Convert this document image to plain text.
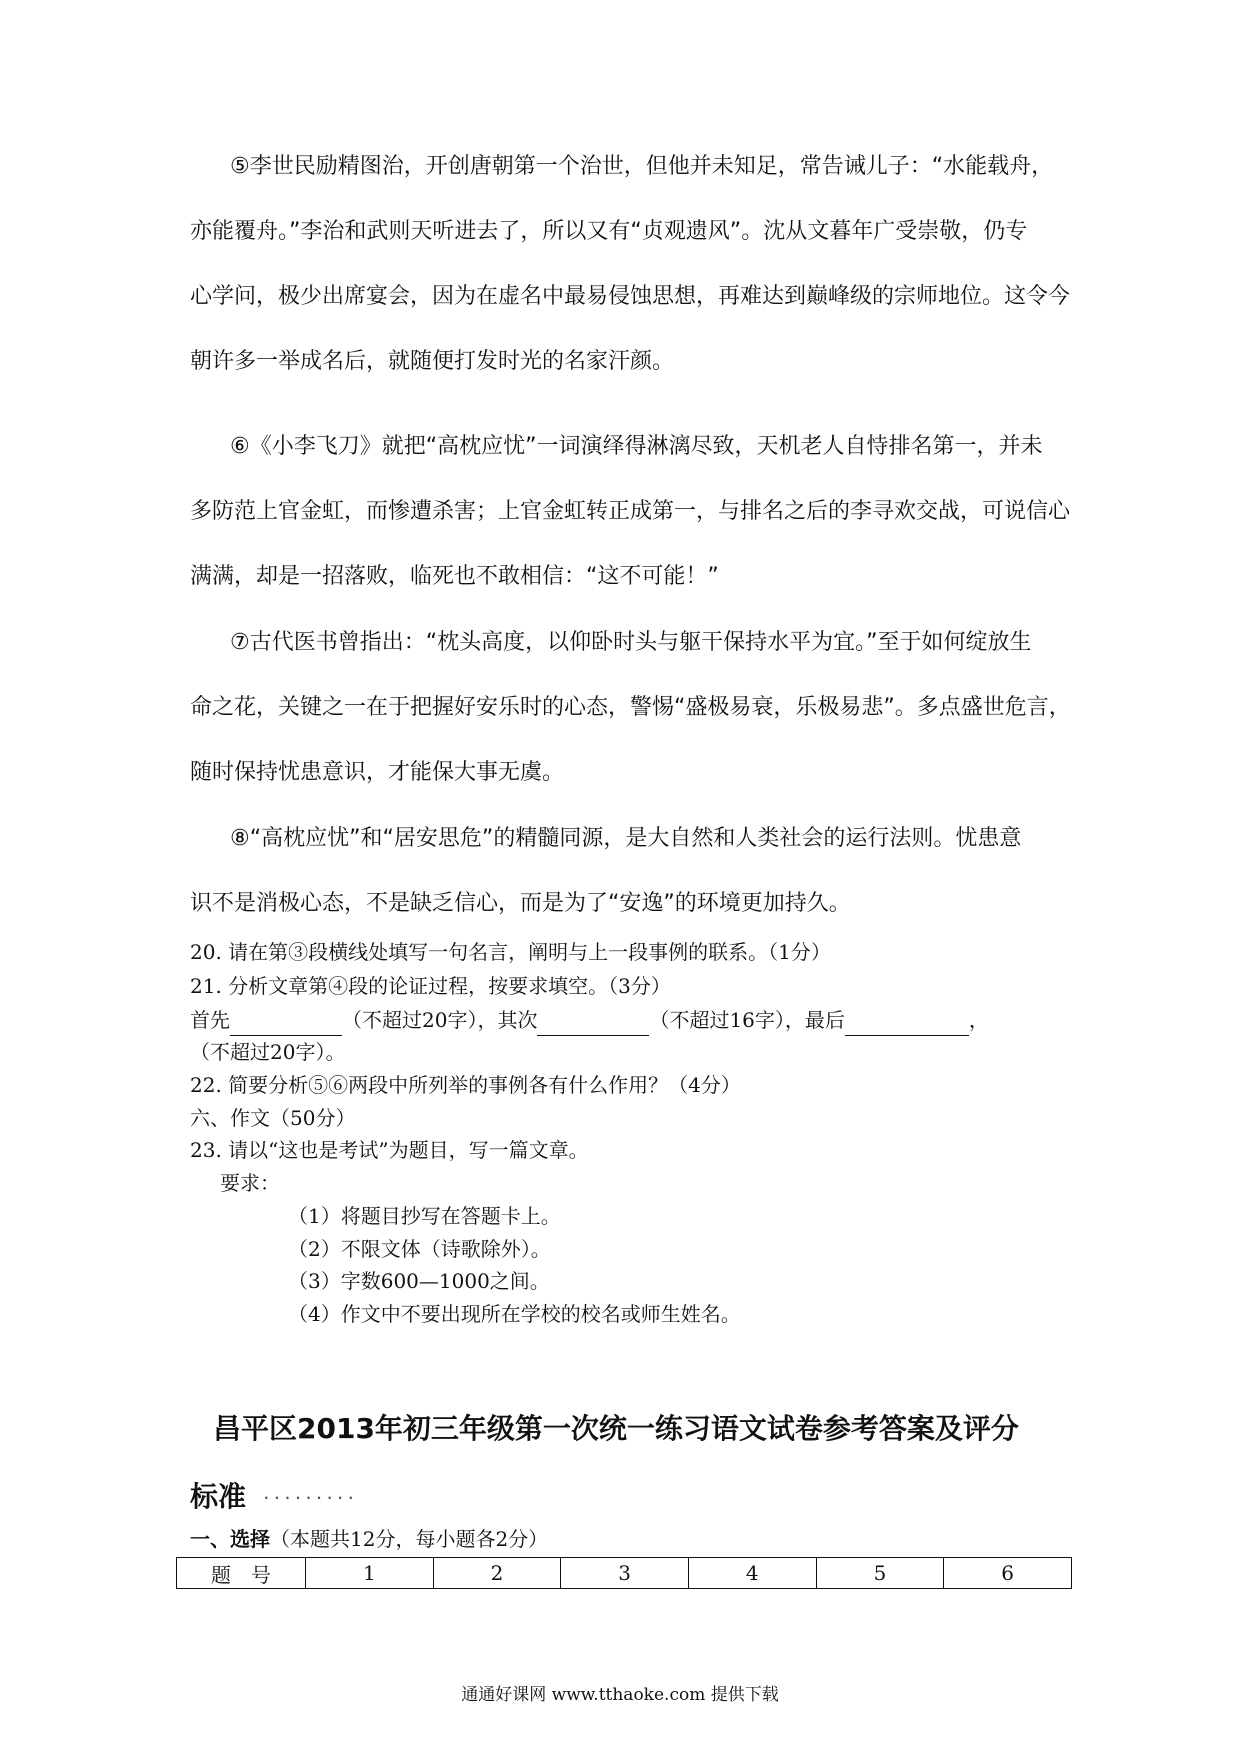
⑤李世民励精图治，开创唐朝第一个治世，但他并未知足，常告诫儿子：“水能载舟，
亦能覆舟。”李治和武则天听进去了，所以又有“贞观遗风”。沈从文暮年广受崇敬，仍专
心学问，极少出席宴会，因为在虚名中最易侵蚀思想，再难达到巅峰级的宗师地位。这令今
朝许多一举成名后，就随便打发时光的名家汗颜。
⑥《小李飞刀》就把“高枕应忧”一词演绎得淋漓尽致，天机老人自恃排名第一，并未
多防范上官金虹，而惨遭杀害；上官金虹转正成第一，与排名之后的李寻欢交战，可说信心
满满，却是一招落败，临死也不敢相信：“这不可能！”
⑦古代医书曾指出：“枕头高度，以仰卧时头与躯干保持水平为宜。”至于如何绽放生
命之花，关键之一在于把握好安乐时的心态，警惕“盛极易衰，乐极易悲”。多点盛世危言，
随时保持忧患意识，才能保大事无虞。
⑧“高枕应忧”和“居安思危”的精髓同源，是大自然和人类社会的运行法则。忧患意
识不是消极心态，不是缺乏信心，而是为了“安逸”的环境更加持久。
20. 请在第③段横线处填写一句名言，阐明与上一段事例的联系。（1分）
21. 分析文章第④段的论证过程，按要求填空。（3分）
首先	（不超过20字），其次	（不超过16字），最后	，
（不超过20字）。
22. 简要分析⑤⑥两段中所列举的事例各有什么作用？（4分）
六、作文（50分）
23. 请以“这也是考试”为题目，写一篇文章。
要求：
（1）将题目抄写在答题卡上。
（2）不限文体（诗歌除外）。
（3）字数600—1000之间。
（4）作文中不要出现所在学校的校名或师生姓名。
昌平区2013年初三年级第一次统一练习语文试卷参考答案及评分
标准 ·········
一、选择（本题共12分，每小题各2分）
题　号	1	2	3	4	5	6
通通好课网 www.tthaoke.com 提供下载
